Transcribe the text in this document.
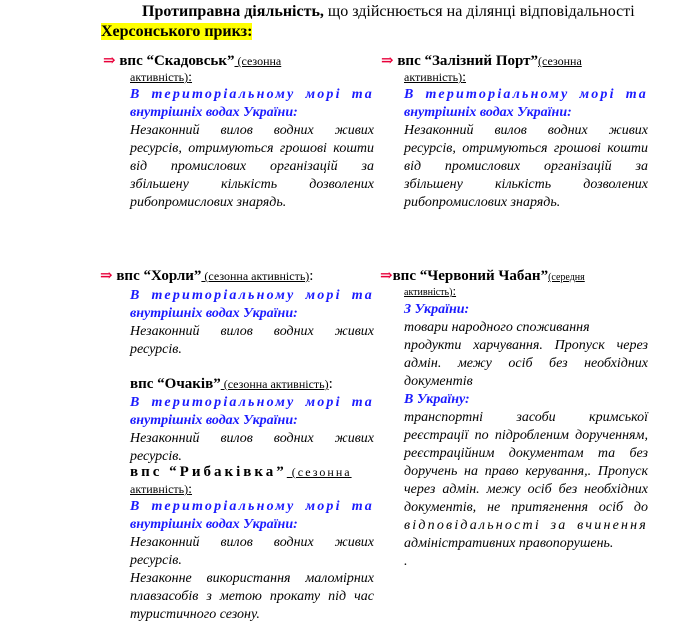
Протиправна діяльність, що здійснюється на ділянці відповідальності
Херсонського прикз:
⇒ впс “Скадовськ” (сезонна
активність):
В територіальному морі та
внутрішніх водах України:
Незаконний вилов водних живих
ресурсів, отримуються грошові кошти
від промислових організацій за
збільшену кількість дозволених
рибопромислових знарядь.
⇒ впс “Залізний Порт”(сезонна
активність):
В територіальному морі та
внутрішніх водах України:
Незаконний вилов водних живих
ресурсів, отримуються грошові кошти
від промислових організацій за
збільшену кількість дозволених
рибопромислових знарядь.
⇒ впс “Хорли” (сезонна активність):
В територіальному морі та
внутрішніх водах України:
Незаконний вилов водних живих
ресурсів.
впс “Очаків” (сезонна активність):
В територіальному морі та
внутрішніх водах України:
Незаконний вилов водних живих
ресурсів.
впс “Рибаківка” (сезонна
активність):
В територіальному морі та
внутрішніх водах України:
Незаконний вилов водних живих
ресурсів.
Незаконне використання маломірних
плавзасобів з метою прокату під час
туристичного сезону.
⇒впс “Червоний Чабан”(середня
активність):
З України:
товари народного споживання
продукти харчування. Пропуск через
адмін. межу осіб без необхідних
документів
В Україну:
транспортні засоби кримської
реєстрації по підробленим дорученням,
реєстраційним документам та без
доручень на право керування,. Пропуск
через адмін. межу осіб без необхідних
документів, не притягнення осіб до
відповідальності за вчинення
адміністративних правопорушень.
.
